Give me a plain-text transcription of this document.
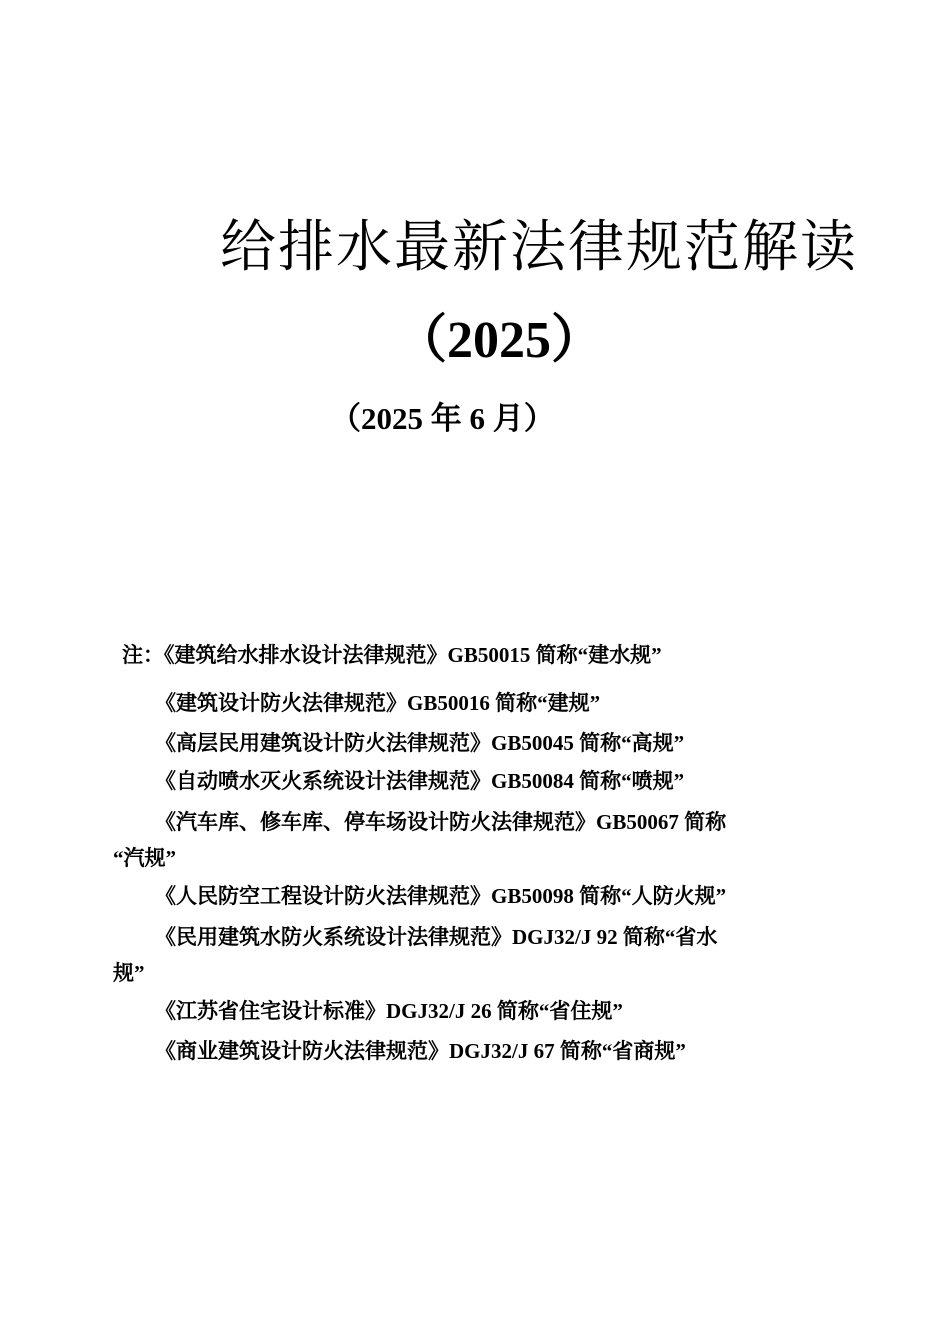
给排水最新法律规范解读
（2025）
（2025 年 6 月）
注：《建筑给水排水设计法律规范》GB50015 简称“建水规”
《建筑设计防火法律规范》GB50016 简称“建规”
《高层民用建筑设计防火法律规范》GB50045 简称“高规”
《自动喷水灭火系统设计法律规范》GB50084 简称“喷规”
《汽车库、修车库、停车场设计防火法律规范》GB50067 简称
“汽规”
《人民防空工程设计防火法律规范》GB50098 简称“人防火规”
《民用建筑水防火系统设计法律规范》DGJ32/J 92 简称“省水
规”
《江苏省住宅设计标准》DGJ32/J 26 简称“省住规”
《商业建筑设计防火法律规范》DGJ32/J 67 简称“省商规”
